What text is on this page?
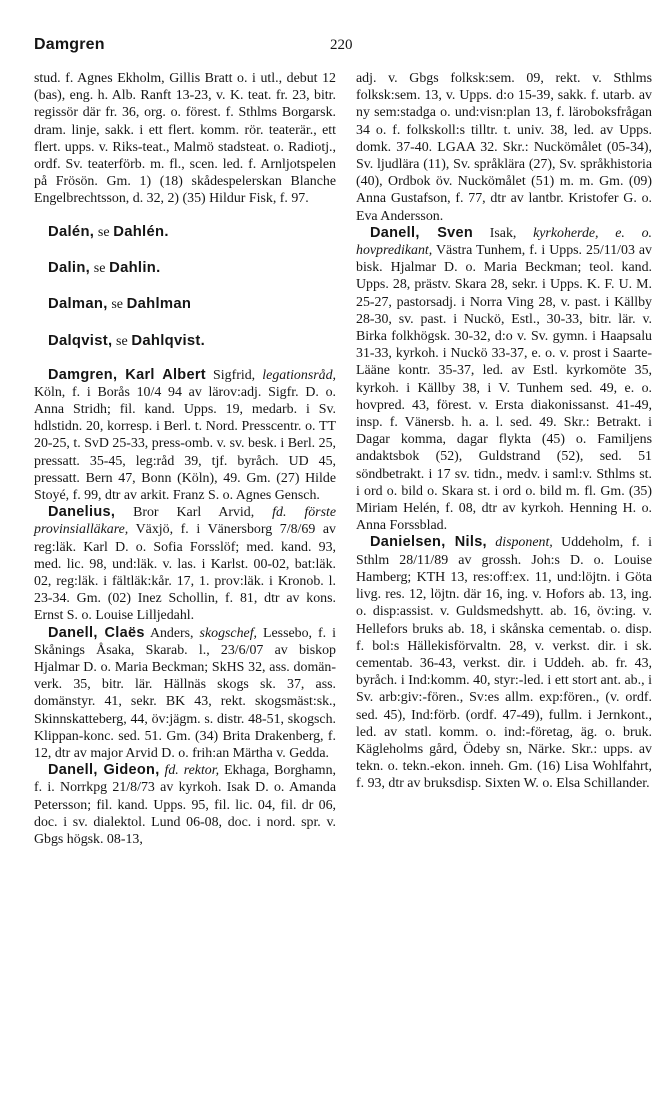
Damgren	220

stud. f. Agnes Ekholm, Gillis Bratt o. i utl., debut 12 (bas), eng. h. Alb. Ranft 13-23, v. K. teat. fr. 23, bitr. regissör där fr. 36, org. o. förest. f. Sthlms Borgarsk. dram. linje, sakk. i ett flert. komm. rör. teaterär., ett flert. upps. v. Riks-teat., Malmö stadsteat. o. Radiotj., ordf. Sv. teaterförb. m. fl., scen. led. f. Arnljotspelen på Frösön. Gm. 1) (18) skådespelerskan Blanche Engelbrechtsson, d. 32, 2) (35) Hildur Fisk, f. 97.

Dalén, se Dahlén.

Dalin, se Dahlin.

Dalman, se Dahlman

Dalqvist, se Dahlqvist.

Damgren, Karl Albert Sigfrid, legationsråd, Köln, f. i Borås 10/4 94 av lärov:adj. Sigfr. D. o. Anna Stridh; fil. kand. Upps. 19, medarb. i Sv. hdlstidn. 20, korresp. i Berl. t. Nord. Presscentr. o. TT 20-25, t. SvD 25-33, press-omb. v. sv. besk. i Berl. 25, pressatt. 35-45, leg:råd 39, tjf. byråch. UD 45, pressatt. Bern 47, Bonn (Köln), 49. Gm. (27) Hilde Stoyé, f. 99, dtr av arkit. Franz S. o. Agnes Gensch.

Danelius, Bror Karl Arvid, fd. förste provinsialläkare, Växjö, f. i Vänersborg 7/8/69 av reg:läk. Karl D. o. Sofia Forsslöf; med. kand. 93, med. lic. 98, und:läk. v. las. i Karlst. 00-02, bat:läk. 02, reg:läk. i fältläk:kår. 17, 1. prov:läk. i Kronob. l. 23-34. Gm. (02) Inez Schollin, f. 81, dtr av kons. Ernst S. o. Louise Lilljedahl.

Danell, Claës Anders, skogschef, Lessebo, f. i Skånings Åsaka, Skarab. l., 23/6/07 av biskop Hjalmar D. o. Maria Beckman; SkHS 32, ass. domän-verk. 35, bitr. lär. Hällnäs skogs sk. 37, ass. domänstyr. 41, sekr. BK 43, rekt. skogsmäst:sk., Skinnskatteberg, 44, öv:jägm. s. distr. 48-51, skogsch. Klippan-konc. sed. 51. Gm. (34) Brita Drakenberg, f. 12, dtr av major Arvid D. o. frih:an Märtha v. Gedda.

Danell, Gideon, fd. rektor, Ekhaga, Borghamn, f. i. Norrkpg 21/8/73 av kyrkoh. Isak D. o. Amanda Petersson; fil. kand. Upps. 95, fil. lic. 04, fil. dr 06, doc. i sv. dialektol. Lund 06-08, doc. i nord. spr. v. Gbgs högsk. 08-13,

adj. v. Gbgs folksk:sem. 09, rekt. v. Sthlms folksk:sem. 13, v. Upps. d:o 15-39, sakk. f. utarb. av ny sem:stadga o. und:visn:plan 13, f. läroboksfrågan 34 o. f. folkskoll:s tilltr. t. univ. 38, led. av Upps. domk. 37-40. LGAA 32. Skr.: Nuckömålet (05-34), Sv. ljudlära (11), Sv. språklära (27), Sv. språkhistoria (40), Ordbok öv. Nuckömålet (51) m. m. Gm. (09) Anna Gustafson, f. 77, dtr av lantbr. Kristofer G. o. Eva Andersson.

Danell, Sven Isak, kyrkoherde, e. o. hovpredikant, Västra Tunhem, f. i Upps. 25/11/03 av bisk. Hjalmar D. o. Maria Beckman; teol. kand. Upps. 28, prästv. Skara 28, sekr. i Upps. K. F. U. M. 25-27, pastorsadj. i Norra Ving 28, v. past. i Källby 28-30, sv. past. i Nuckö, Estl., 30-33, bitr. lär. v. Birka folkhögsk. 30-32, d:o v. Sv. gymn. i Haapsalu 31-33, kyrkoh. i Nuckö 33-37, e. o. v. prost i Saarte-Lääne kontr. 35-37, led. av Estl. kyrkomöte 35, kyrkoh. i Källby 38, i V. Tunhem sed. 49, e. o. hovpred. 43, förest. v. Ersta diakonissanst. 41-49, insp. f. Vänersb. h. a. l. sed. 49. Skr.: Betrakt. i Dagar komma, dagar flykta (45) o. Familjens andaktsbok (52), Guldstrand (52), sed. 51 söndbetrakt. i 17 sv. tidn., medv. i saml:v. Sthlms st. i ord o. bild o. Skara st. i ord o. bild m. fl. Gm. (35) Miriam Helén, f. 08, dtr av kyrkoh. Henning H. o. Anna Forssblad.

Danielsen, Nils, disponent, Uddeholm, f. i Sthlm 28/11/89 av grossh. Joh:s D. o. Louise Hamberg; KTH 13, res:off:ex. 11, und:löjtn. i Göta livg. res. 12, löjtn. där 16, ing. v. Hofors ab. 13, ing. o. disp:assist. v. Guldsmedshytt. ab. 16, öv:ing. v. Hellefors bruks ab. 18, i skånska cementab. o. disp. f. bol:s Hällekisförvaltn. 28, v. verkst. dir. i sk. cementab. 36-43, verkst. dir. i Uddeh. ab. fr. 43, byråch. i Ind:komm. 40, styr:-led. i ett stort ant. ab., i Sv. arb:giv:-fören., Sv:es allm. exp:fören., (v. ordf. sed. 45), Ind:förb. (ordf. 47-49), fullm. i Jernkont., led. av statl. komm. o. ind:-företag, äg. o. bruk. Kägleholms gård, Ödeby sn, Närke. Skr.: upps. av tekn. o. tekn.-ekon. inneh. Gm. (16) Lisa Wohlfahrt, f. 93, dtr av bruksdisp. Sixten W. o. Elsa Schillander.
